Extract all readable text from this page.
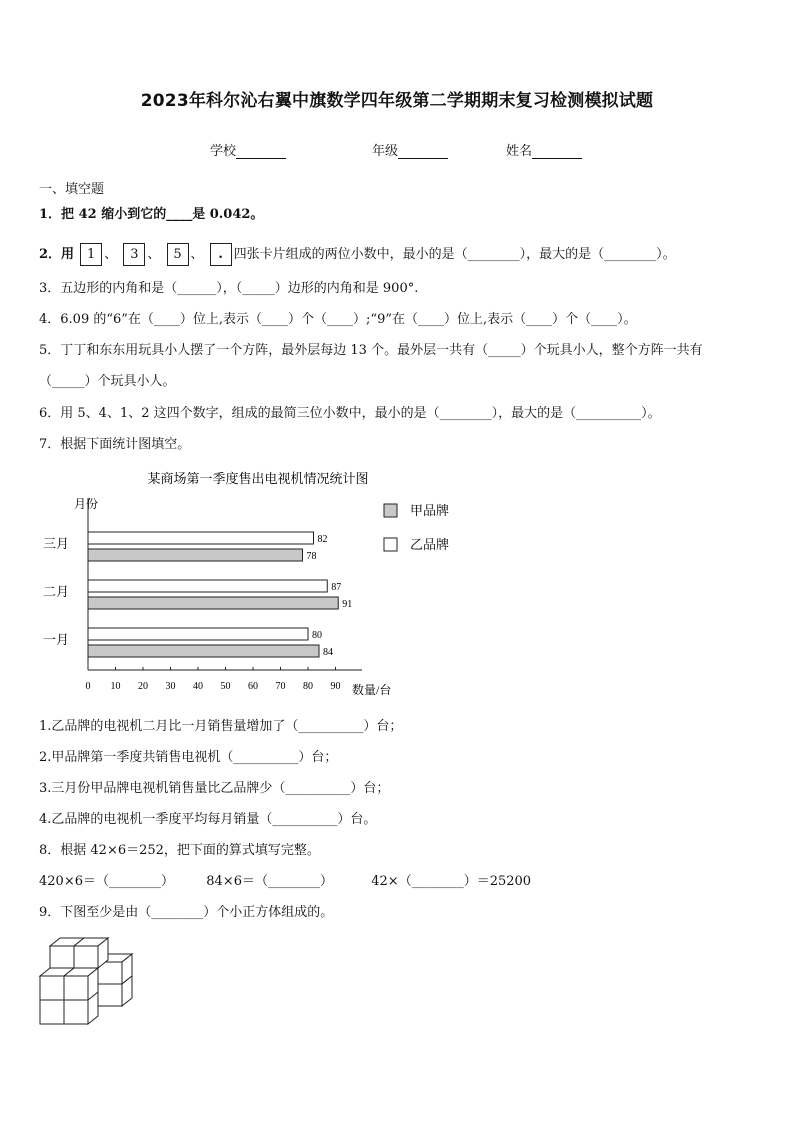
2023年科尔沁右翼中旗数学四年级第二学期期末复习检测模拟试题
学校	年级	姓名
一、填空题
1．把 42 缩小到它的____是 0.042。
2．用 1 、 3 、 5 、 . 四张卡片组成的两位小数中，最小的是（________），最大的是（________）。
3．五边形的内角和是（______），（_____）边形的内角和是 900°.
4．6.09 的“6”在（____）位上,表示（____）个（____）;“9”在（____）位上,表示（____）个（____）。
5．丁丁和东东用玩具小人摆了一个方阵，最外层每边 13 个。最外层一共有（_____）个玩具小人，整个方阵一共有
（_____）个玩具小人。
6．用 5、4、1、2 这四个数字，组成的最简三位小数中，最小的是（________），最大的是（__________）。
7．根据下面统计图填空。
某商场第一季度售出电视机情况统计图
月份
数量/台
0 10 20 30 40 50 60 70 80 90
三月	82
78
二月	87
91
一月	80
84
甲品牌
乙品牌
1.乙品牌的电视机二月比一月销售量增加了（__________）台；
2.甲品牌第一季度共销售电视机（__________）台；
3.三月份甲品牌电视机销售量比乙品牌少（__________）台；
4.乙品牌的电视机一季度平均每月销量（__________）台。
8．根据 42×6＝252，把下面的算式填写完整。
420×6＝（________） 84×6＝（________）	42×（________）＝25200
9．下图至少是由（________）个小正方体组成的。
